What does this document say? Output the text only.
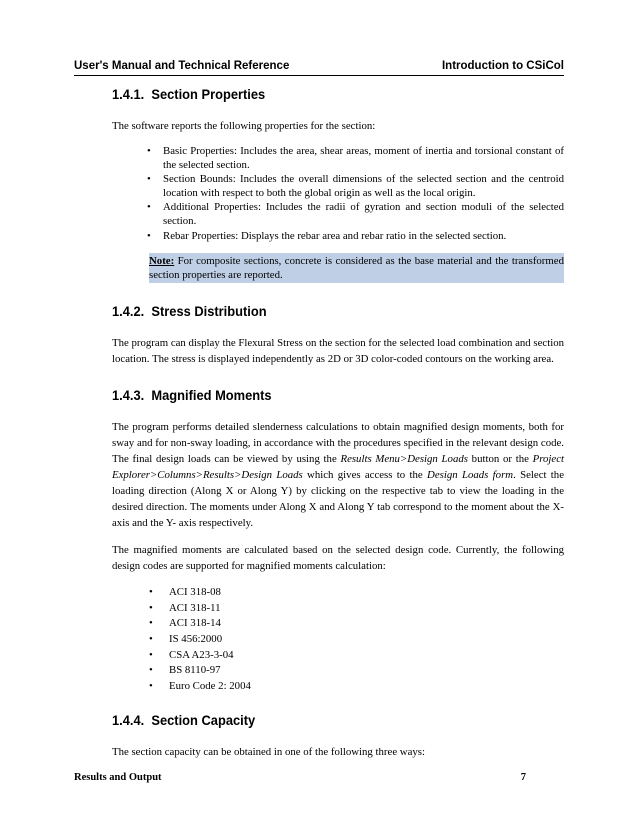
User's Manual and Technical Reference	Introduction to CSiCol
1.4.1.  Section Properties

The software reports the following properties for the section:

• Basic Properties: Includes the area, shear areas, moment of inertia and torsional constant of the selected section.
• Section Bounds: Includes the overall dimensions of the selected section and the centroid location with respect to both the global origin as well as the local origin.
• Additional Properties: Includes the radii of gyration and section moduli of the selected section.
• Rebar Properties: Displays the rebar area and rebar ratio in the selected section.
Note: For composite sections, concrete is considered as the base material and the transformed section properties are reported.
1.4.2.  Stress Distribution

The program can display the Flexural Stress on the section for the selected load combination and section location. The stress is displayed independently as 2D or 3D color-coded contours on the working area.

1.4.3.  Magnified Moments

The program performs detailed slenderness calculations to obtain magnified design moments, both for sway and for non-sway loading, in accordance with the procedures specified in the relevant design code. The final design loads can be viewed by using the Results Menu>Design Loads button or the Project Explorer>Columns>Results>Design Loads which gives access to the Design Loads form. Select the loading direction (Along X or Along Y) by clicking on the respective tab to view the loading in the desired direction. The moments under Along X and Along Y tab correspond to the moment about the X-axis and the Y- axis respectively.

The magnified moments are calculated based on the selected design code. Currently, the following design codes are supported for magnified moments calculation:

• ACI 318-08
• ACI 318-11
• ACI 318-14
• IS 456:2000
• CSA A23-3-04
• BS 8110-97
• Euro Code 2: 2004
1.4.4.  Section Capacity

The section capacity can be obtained in one of the following three ways:

Results and Output	7
